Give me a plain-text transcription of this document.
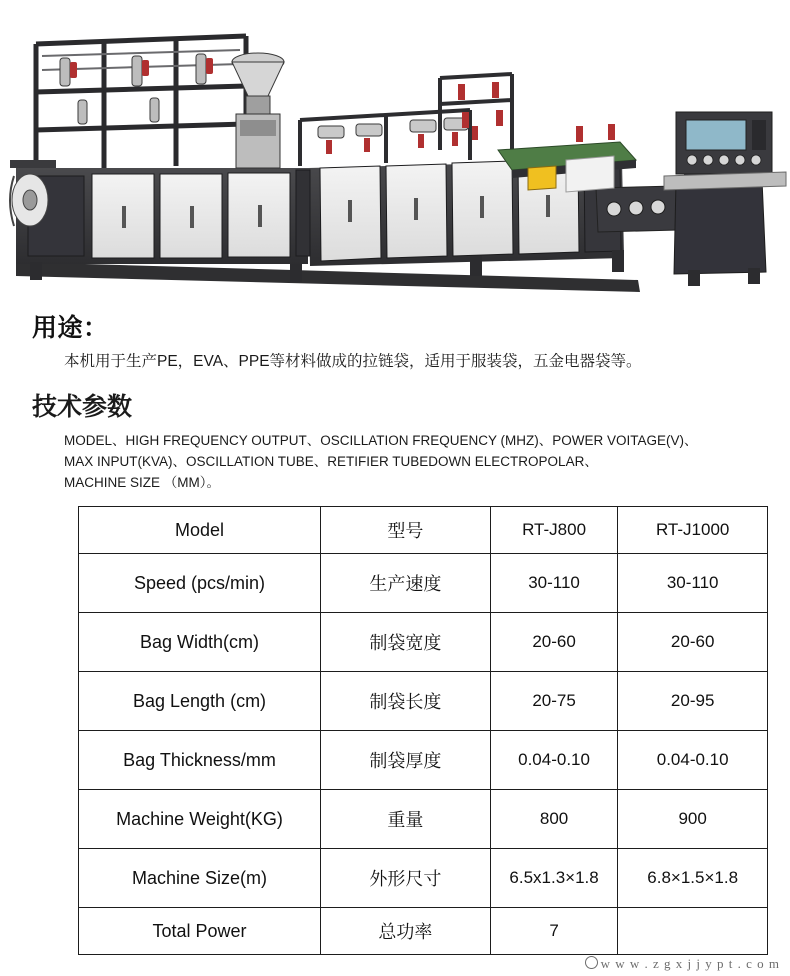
用途：

本机用于生产PE，EVA、PPE等材料做成的拉链袋，适用于服装袋，五金电器袋等。

技术参数
MODEL、HIGH FREQUENCY OUTPUT、OSCILLATION FREQUENCY (MHZ)、POWER VOITAGE(V)、
MAX INPUT(KVA)、OSCILLATION TUBE、RETIFIER TUBEDOWN ELECTROPOLAR、
MACHINE SIZE （MM）。
Model	型号	RT-J800	RT-J1000
Speed (pcs/min)	生产速度	30-110	30-110
Bag Width(cm)	制袋宽度	20-60	20-60
Bag Length (cm)	制袋长度	20-75	20-95
Bag Thickness/mm	制袋厚度	0.04-0.10	0.04-0.10
Machine Weight(KG)	重量	800	900
Machine Size(m)	外形尺寸	6.5x1.3×1.8	6.8×1.5×1.8
Total Power	总功率	7	
w w w . z g x j j y p t . c o m
